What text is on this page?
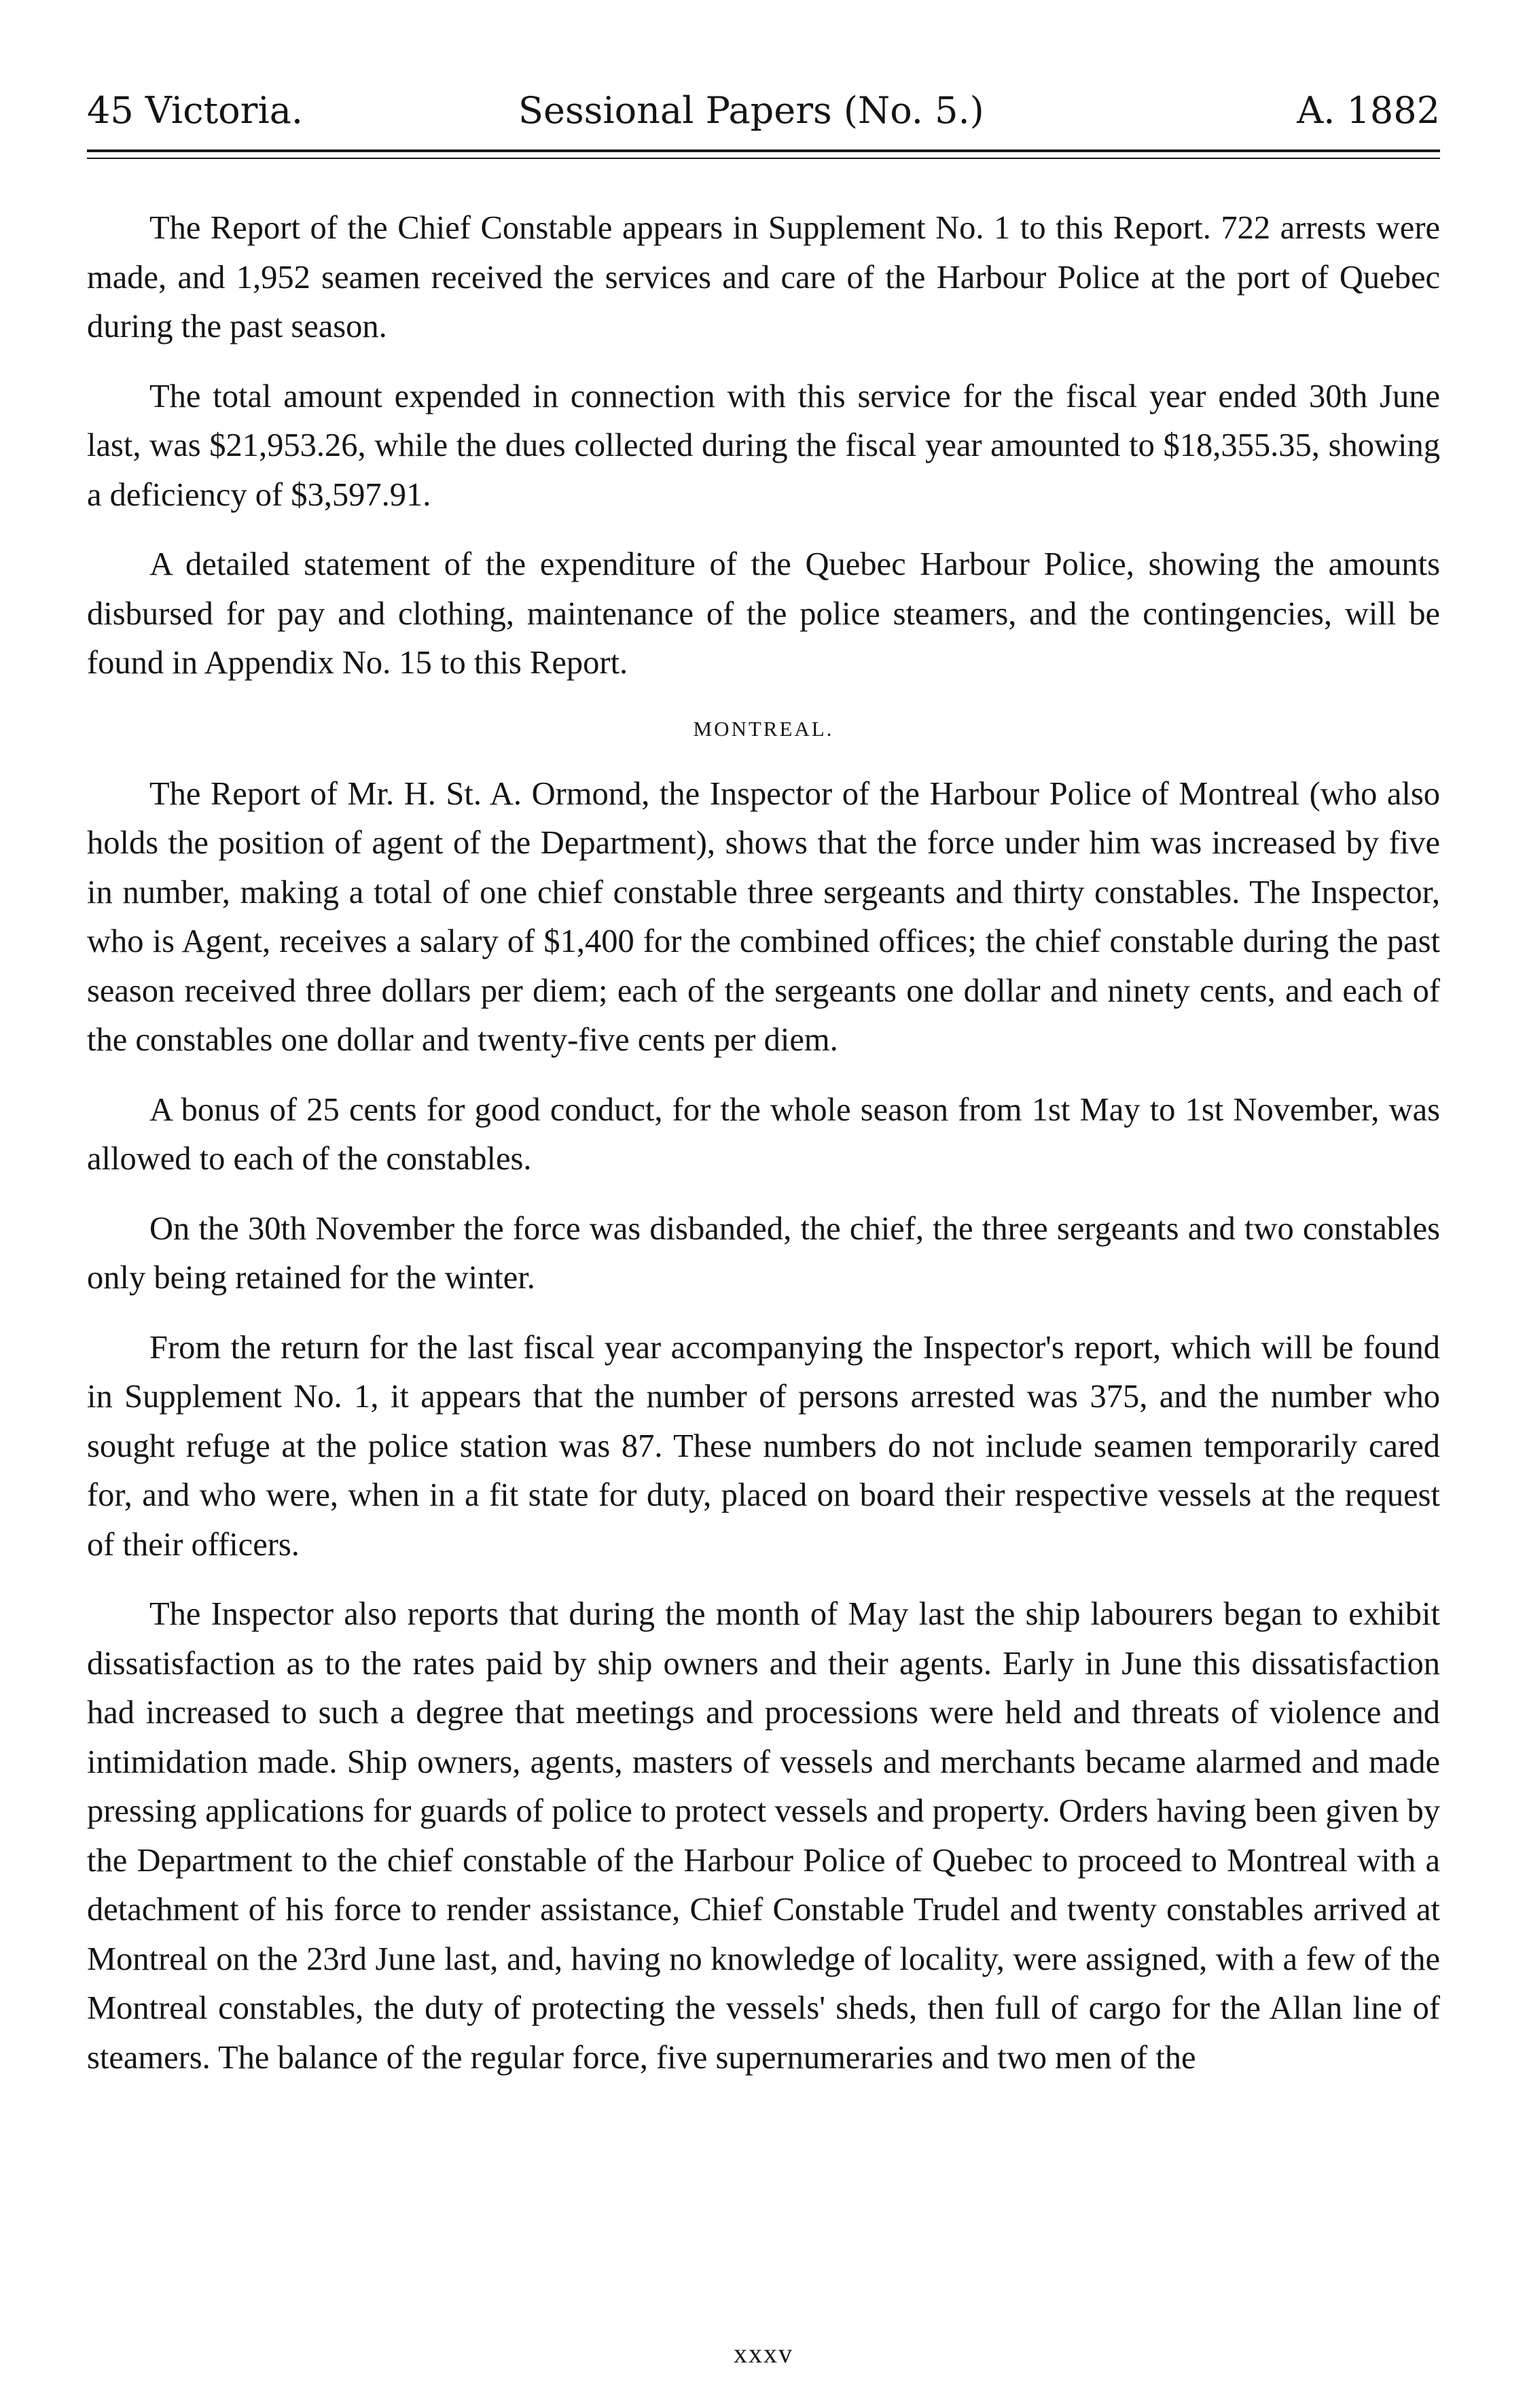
45 Victoria.	Sessional Papers (No. 5.)	A. 1882

The Report of the Chief Constable appears in Supplement No. 1 to this Report. 722 arrests were made, and 1,952 seamen received the services and care of the Harbour Police at the port of Quebec during the past season.

The total amount expended in connection with this service for the fiscal year ended 30th June last, was $21,953.26, while the dues collected during the fiscal year amounted to $18,355.35, showing a deficiency of $3,597.91.

A detailed statement of the expenditure of the Quebec Harbour Police, showing the amounts disbursed for pay and clothing, maintenance of the police steamers, and the contingencies, will be found in Appendix No. 15 to this Report.

MONTREAL.

The Report of Mr. H. St. A. Ormond, the Inspector of the Harbour Police of Montreal (who also holds the position of agent of the Department), shows that the force under him was increased by five in number, making a total of one chief constable three sergeants and thirty constables. The Inspector, who is Agent, receives a salary of $1,400 for the combined offices; the chief constable during the past season received three dollars per diem; each of the sergeants one dollar and ninety cents, and each of the constables one dollar and twenty-five cents per diem.

A bonus of 25 cents for good conduct, for the whole season from 1st May to 1st November, was allowed to each of the constables.

On the 30th November the force was disbanded, the chief, the three sergeants and two constables only being retained for the winter.

From the return for the last fiscal year accompanying the Inspector's report, which will be found in Supplement No. 1, it appears that the number of persons arrested was 375, and the number who sought refuge at the police station was 87. These numbers do not include seamen temporarily cared for, and who were, when in a fit state for duty, placed on board their respective vessels at the request of their officers.

The Inspector also reports that during the month of May last the ship labourers began to exhibit dissatisfaction as to the rates paid by ship owners and their agents. Early in June this dissatisfaction had increased to such a degree that meetings and processions were held and threats of violence and intimidation made. Ship owners, agents, masters of vessels and merchants became alarmed and made pressing applications for guards of police to protect vessels and property. Orders having been given by the Department to the chief constable of the Harbour Police of Quebec to proceed to Montreal with a detachment of his force to render assistance, Chief Constable Trudel and twenty constables arrived at Montreal on the 23rd June last, and, having no knowledge of locality, were assigned, with a few of the Montreal constables, the duty of protecting the vessels' sheds, then full of cargo for the Allan line of steamers. The balance of the regular force, five supernumeraries and two men of the

xxxv
